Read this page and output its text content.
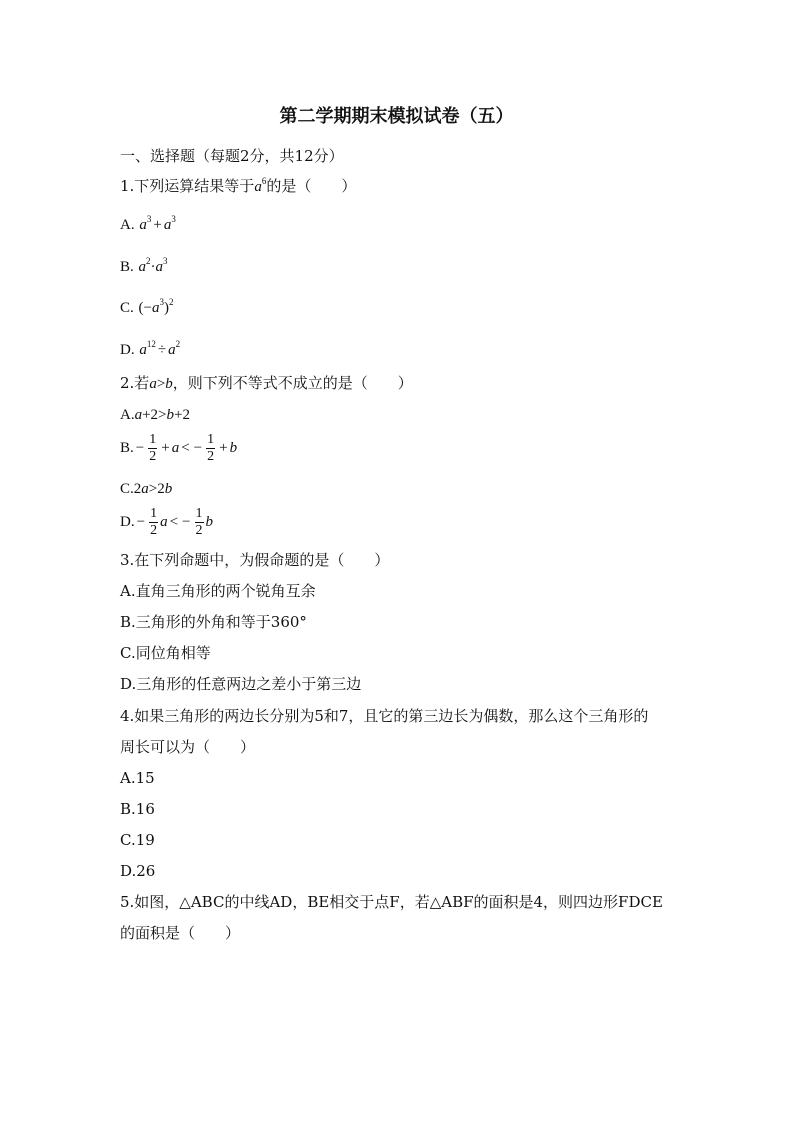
第二学期期末模拟试卷（五）
一、选择题（每题2分，共12分）
1.下列运算结果等于$a^6$的是（　　）
A. $a^3 + a^3$
B. $a^2\cdot a^3$
C. $(-a^3)^2$
D. $a^{12} \div a^2$
2.若a>b，则下列不等式不成立的是（　　）
A.a+2>b+2
B. − $\frac{1}{2} + a$ < − $\frac{1}{2} + b$
C.2a>2b
D. − $\frac{1}{2}$ a < − $\frac{1}{2}$ b
3.在下列命题中，为假命题的是（　　）
A.直角三角形的两个锐角互余
B.三角形的外角和等于360°
C.同位角相等
D.三角形的任意两边之差小于第三边
4.如果三角形的两边长分别为5和7，且它的第三边长为偶数，那么这个三角形的
周长可以为（　　）
A.15
B.16
C.19
D.26
5.如图，△ABC的中线AD，BE相交于点F，若△ABF的面积是4，则四边形FDCE
的面积是（　　）
